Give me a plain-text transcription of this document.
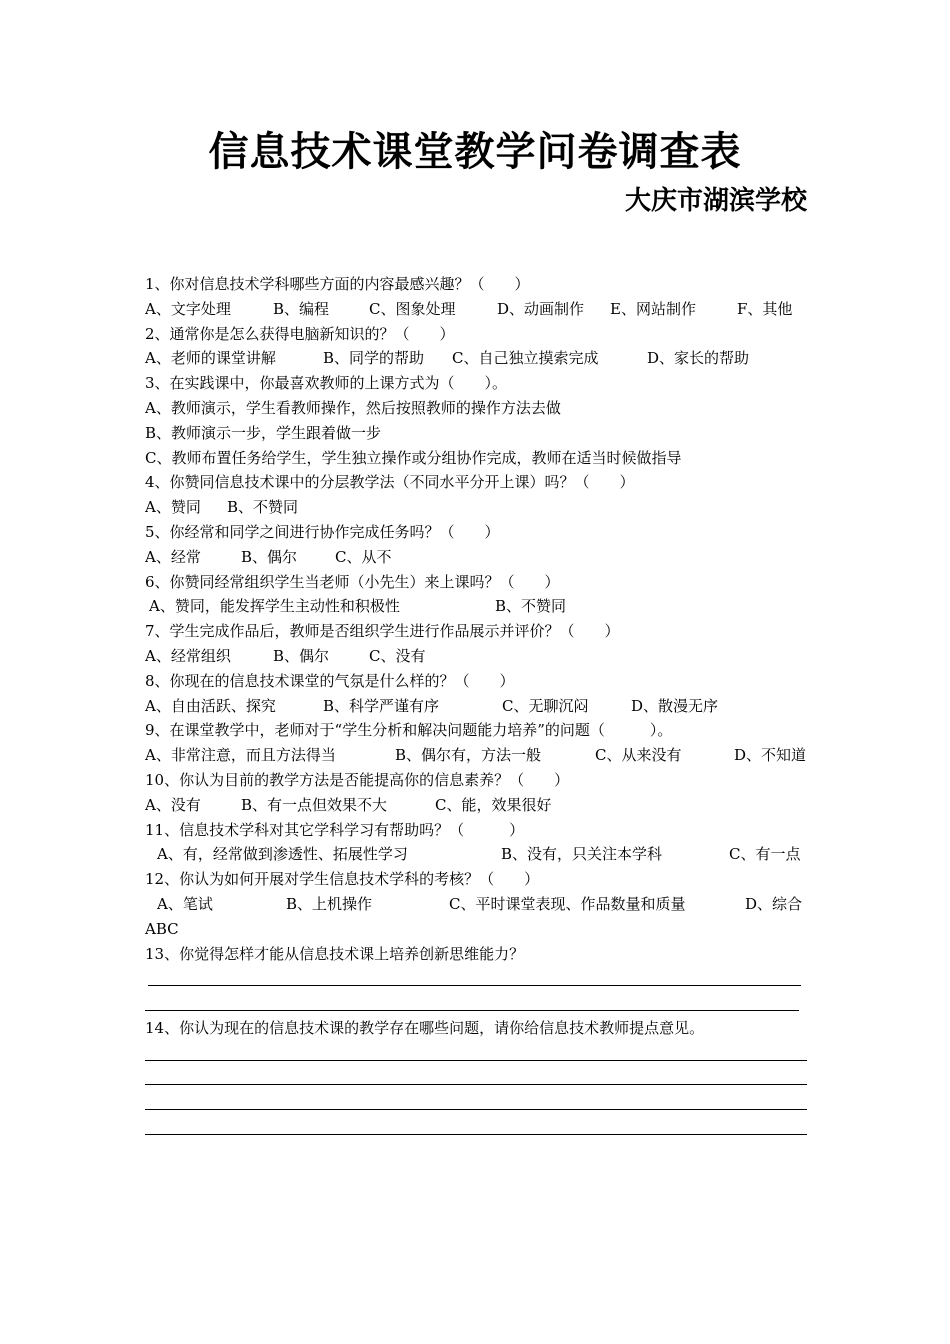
信息技术课堂教学问卷调查表
大庆市湖滨学校
1、你对信息技术学科哪些方面的内容最感兴趣？（　　）
A、文字处理	B、编程	C、图象处理	D、动画制作 E、网站制作	F、其他
2、通常你是怎么获得电脑新知识的？（　　）
A、老师的课堂讲解	B、同学的帮助 C、自己独立摸索完成	D、家长的帮助
3、在实践课中，你最喜欢教师的上课方式为（　　）。
A、教师演示，学生看教师操作，然后按照教师的操作方法去做
B、教师演示一步，学生跟着做一步
C、教师布置任务给学生，学生独立操作或分组协作完成，教师在适当时候做指导
4、你赞同信息技术课中的分层教学法（不同水平分开上课）吗？（　　）
A、赞同 B、不赞同
5、你经常和同学之间进行协作完成任务吗？（　　）
A、经常	B、偶尔	C、从不
6、你赞同经常组织学生当老师（小先生）来上课吗？（　　）
A、赞同，能发挥学生主动性和积极性	B、不赞同
7、学生完成作品后，教师是否组织学生进行作品展示并评价？（　　）
A、经常组织	B、偶尔	C、没有
8、你现在的信息技术课堂的气氛是什么样的？（　　）
A、自由活跃、探究	B、科学严谨有序	C、无聊沉闷	D、散漫无序
9、在课堂教学中，老师对于“学生分析和解决问题能力培养”的问题（　　　）。
A、非常注意，而且方法得当	B、偶尔有，方法一般	C、从来没有	D、不知道
10、你认为目前的教学方法是否能提高你的信息素养？（　　）
A、没有	B、有一点但效果不大	C、能，效果很好
11、信息技术学科对其它学科学习有帮助吗？（　　　）
A、有，经常做到渗透性、拓展性学习	B、没有，只关注本学科	C、有一点
12、你认为如何开展对学生信息技术学科的考核？（　　）
A、笔试	B、上机操作	C、平时课堂表现、作品数量和质量	D、综合
ABC
13、你觉得怎样才能从信息技术课上培养创新思维能力？
14、你认为现在的信息技术课的教学存在哪些问题，请你给信息技术教师提点意见。
